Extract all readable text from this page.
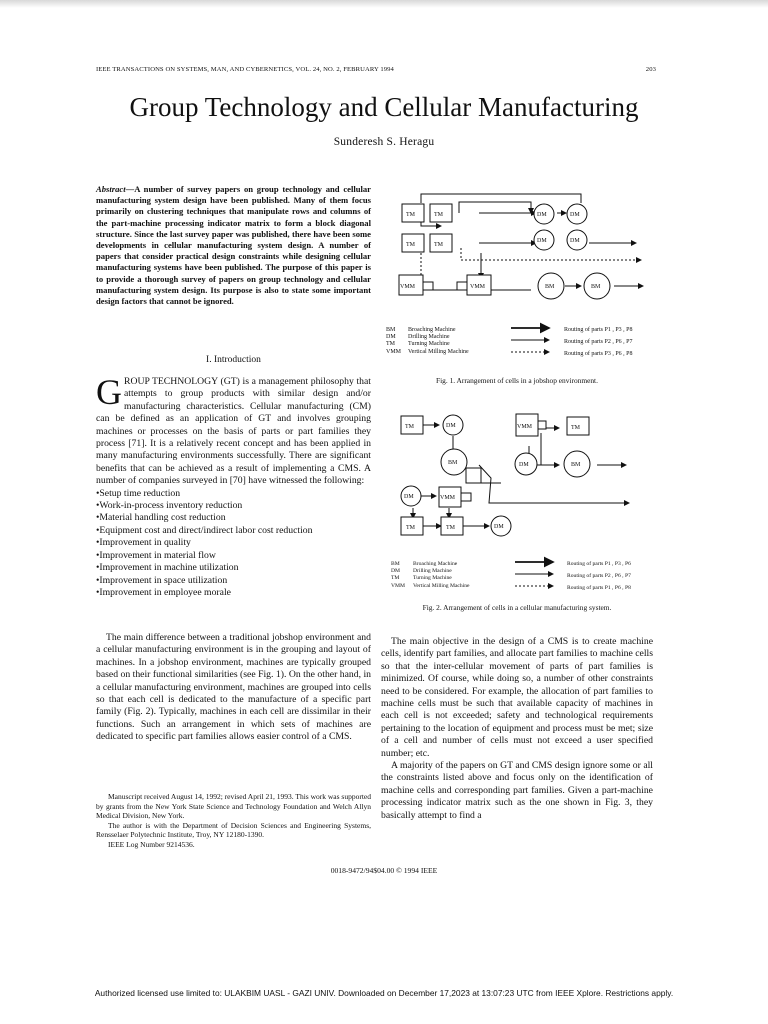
IEEE TRANSACTIONS ON SYSTEMS, MAN, AND CYBERNETICS, VOL. 24, NO. 2, FEBRUARY 1994	203
Group Technology and Cellular Manufacturing
Sunderesh S. Heragu
Abstract—A number of survey papers on group technology and cellular manufacturing system design have been published. Many of them focus primarily on clustering techniques that manipulate rows and columns of the part-machine processing indicator matrix to form a block diagonal structure. Since the last survey paper was published, there have been some developments in cellular manufacturing system design. A number of papers that consider practical design constraints while designing cellular manufacturing systems have been published. The purpose of this paper is to provide a thorough survey of papers on group technology and cellular manufacturing system design. Its purpose is also to state some important design factors that cannot be ignored.
I. Introduction
GROUP TECHNOLOGY (GT) is a management philosophy that attempts to group products with similar design and/or manufacturing characteristics. Cellular manufacturing (CM) can be defined as an application of GT and involves grouping machines or processes on the basis of parts or part families they process [71]. It is a relatively recent concept and has been applied in many manufacturing environments successfully. There are significant benefits that can be achieved as a result of implementing a CMS. A number of companies surveyed in [70] have witnessed the following:
•Setup time reduction
•Work-in-process inventory reduction
•Material handling cost reduction
•Equipment cost and direct/indirect labor cost reduction
•Improvement in quality
•Improvement in material flow
•Improvement in machine utilization
•Improvement in space utilization
•Improvement in employee morale
The main difference between a traditional jobshop environment and a cellular manufacturing environment is in the grouping and layout of machines. In a jobshop environment, machines are typically grouped based on their functional similarities (see Fig. 1). On the other hand, in a cellular manufacturing environment, machines are grouped into cells so that each cell is dedicated to the manufacture of a specific part family (Fig. 2). Typically, machines in each cell are dissimilar in their functions. Such an arrangement in which sets of machines are dedicated to specific part families allows easier control of a CMS.

Manuscript received August 14, 1992; revised April 21, 1993. This work was supported by grants from the New York State Science and Technology Foundation and Welch Allyn Medical Division, New York.

The author is with the Department of Decision Sciences and Engineering Systems, Rensselaer Polytechnic Institute, Troy, NY 12180-1390.

IEEE Log Number 9214536.

TM	TM
TM	TM
DM	DM
DM	DM
VMM	VMM	BM	BM
BM Broaching Machine
DM Drilling Machine
TM Turning Machine
VMM Vertical Milling Machine
Routing of parts P1 , P3 , P8
Routing of parts P2 , P6 , P7
Routing of parts P3 , P6 , P8
Fig. 1. Arrangement of cells in a jobshop environment.
TM	DM	VMM	TM
BM	DM	BM
DM	VMM
TM	TM	DM
BM Broaching Machine
DM Drilling Machine
TM Turning Machine
VMM Vertical Milling Machine
Routing of parts P1 , P3 , P6
Routing of parts P2 , P6 , P7
Routing of parts P1 , P6 , P8
Fig. 2. Arrangement of cells in a cellular manufacturing system.

The main objective in the design of a CMS is to create machine cells, identify part families, and allocate part families to machine cells so that the inter-cellular movement of parts of part families is minimized. Of course, while doing so, a number of other constraints need to be considered. For example, the allocation of part families to machine cells must be such that available capacity of machines in each cell is not exceeded; safety and technological requirements pertaining to the location of equipment and process must be met; size of a cell and number of cells must not exceed a user specified number; etc.

A majority of the papers on GT and CMS design ignore some or all the constraints listed above and focus only on the identification of machine cells and corresponding part families. Given a part-machine processing indicator matrix such as the one shown in Fig. 3, they basically attempt to find a

0018-9472/94$04.00 © 1994 IEEE
Authorized licensed use limited to: ULAKBIM UASL - GAZI UNIV. Downloaded on December 17,2023 at 13:07:23 UTC from IEEE Xplore. Restrictions apply.
